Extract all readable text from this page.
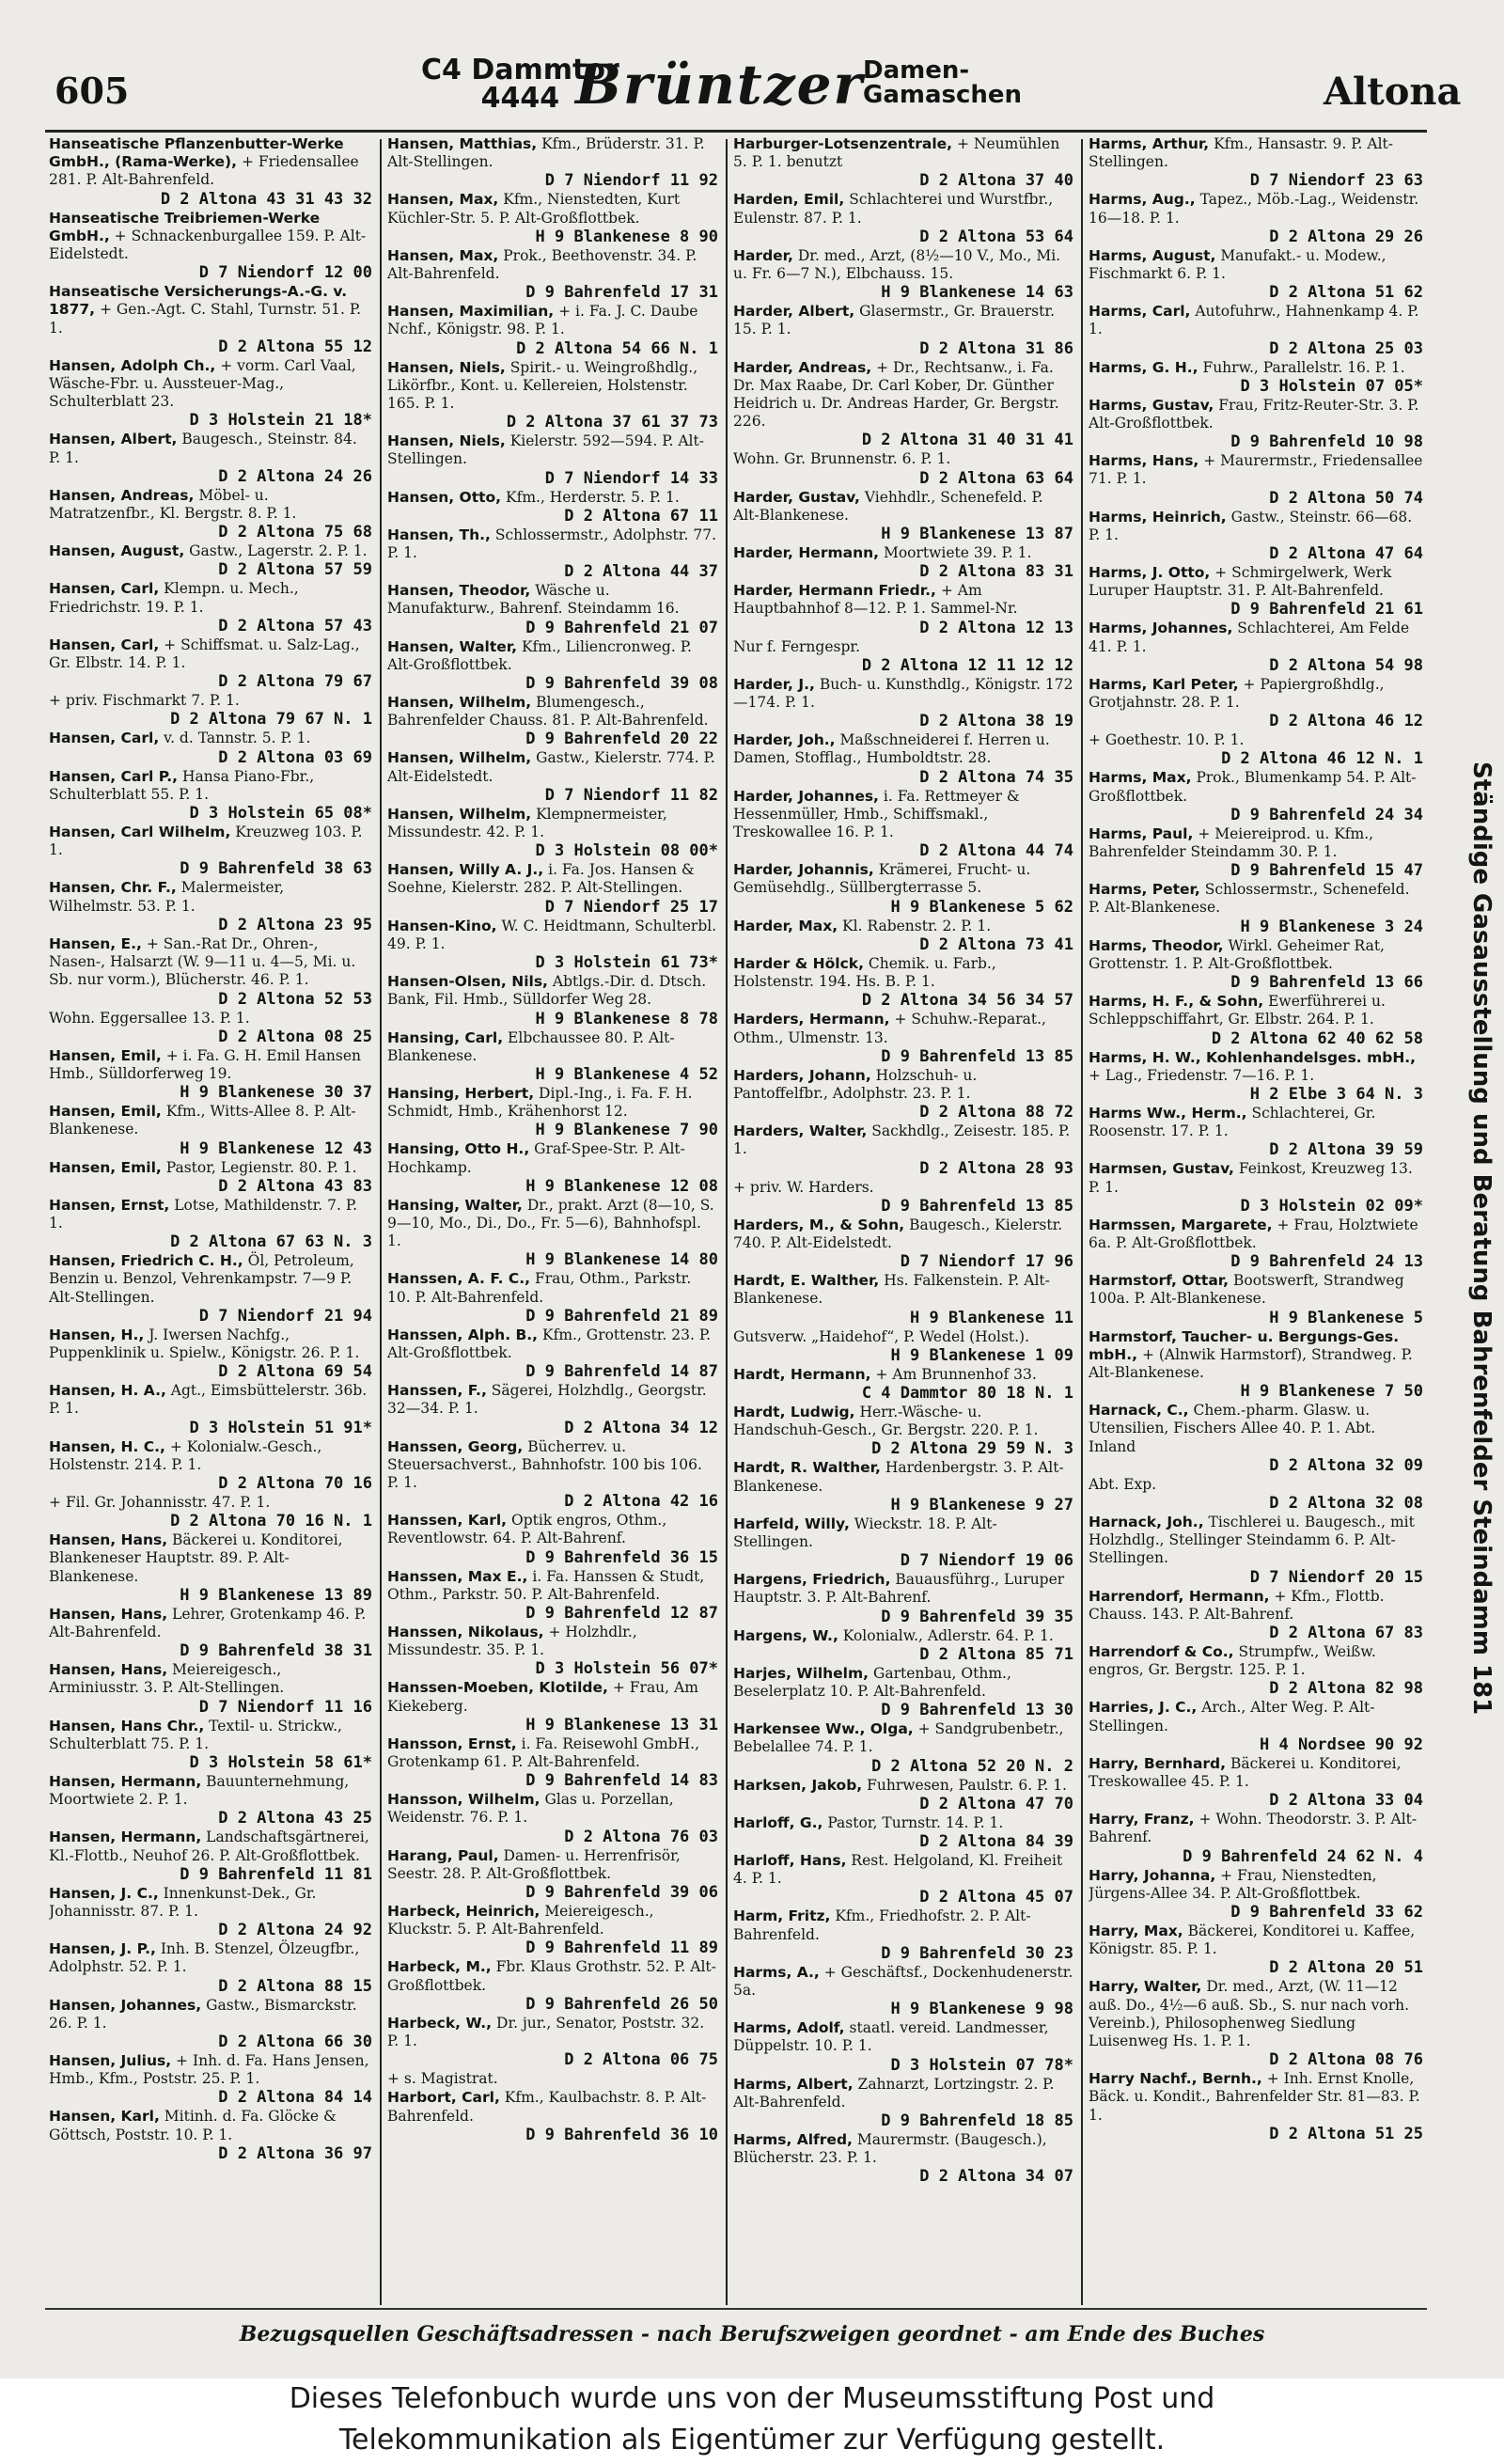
605	C4 Dammtor
4444 Brüntzer
Damen-
Gamaschen	Altona
Hanseatische Pflanzenbutter-Werke GmbH., (Rama-Werke), + Friedensallee 281. P. Alt-Bahrenfeld.
D 2 Altona 43 31 43 32
Hanseatische Treibriemen-Werke GmbH., + Schnackenburgallee 159. P. Alt-Eidelstedt.
D 7 Niendorf 12 00
Hanseatische Versicherungs-A.-G. v. 1877, + Gen.-Agt. C. Stahl, Turnstr. 51. P. 1.
D 2 Altona 55 12
Hansen, Adolph Ch., + vorm. Carl Vaal, Wäsche-Fbr. u. Aussteuer-Mag., Schulterblatt 23.
D 3 Holstein 21 18*
Hansen, Albert, Baugesch., Steinstr. 84. P. 1.
D 2 Altona 24 26
Hansen, Andreas, Möbel- u. Matratzenfbr., Kl. Bergstr. 8. P. 1.
D 2 Altona 75 68
Hansen, August, Gastw., Lagerstr. 2. P. 1.
D 2 Altona 57 59
Hansen, Carl, Klempn. u. Mech., Friedrichstr. 19. P. 1.
D 2 Altona 57 43
Hansen, Carl, + Schiffsmat. u. Salz-Lag., Gr. Elbstr. 14. P. 1.
D 2 Altona 79 67
+ priv. Fischmarkt 7. P. 1.
D 2 Altona 79 67 N. 1
Hansen, Carl, v. d. Tannstr. 5. P. 1.
D 2 Altona 03 69
Hansen, Carl P., Hansa Piano-Fbr., Schulterblatt 55. P. 1.
D 3 Holstein 65 08*
Hansen, Carl Wilhelm, Kreuzweg 103. P. 1.
D 9 Bahrenfeld 38 63
Hansen, Chr. F., Malermeister, Wilhelmstr. 53. P. 1.
D 2 Altona 23 95
Hansen, E., + San.-Rat Dr., Ohren-, Nasen-, Halsarzt (W. 9—11 u. 4—5, Mi. u. Sb. nur vorm.), Blücherstr. 46. P. 1.
D 2 Altona 52 53
Wohn. Eggersallee 13. P. 1.
D 2 Altona 08 25
Hansen, Emil, + i. Fa. G. H. Emil Hansen Hmb., Sülldorferweg 19.
H 9 Blankenese 30 37
Hansen, Emil, Kfm., Witts-Allee 8. P. Alt-Blankenese.
H 9 Blankenese 12 43
Hansen, Emil, Pastor, Legienstr. 80. P. 1.
D 2 Altona 43 83
Hansen, Ernst, Lotse, Mathildenstr. 7. P. 1.
D 2 Altona 67 63 N. 3
Hansen, Friedrich C. H., Öl, Petroleum, Benzin u. Benzol, Vehrenkampstr. 7—9 P. Alt-Stellingen.
D 7 Niendorf 21 94
Hansen, H., J. Iwersen Nachfg., Puppenklinik u. Spielw., Königstr. 26. P. 1.
D 2 Altona 69 54
Hansen, H. A., Agt., Eimsbüttelerstr. 36b. P. 1.
D 3 Holstein 51 91*
Hansen, H. C., + Kolonialw.-Gesch., Holstenstr. 214. P. 1.
D 2 Altona 70 16
+ Fil. Gr. Johannisstr. 47. P. 1.
D 2 Altona 70 16 N. 1
Hansen, Hans, Bäckerei u. Konditorei, Blankeneser Hauptstr. 89. P. Alt-Blankenese.
H 9 Blankenese 13 89
Hansen, Hans, Lehrer, Grotenkamp 46. P. Alt-Bahrenfeld.
D 9 Bahrenfeld 38 31
Hansen, Hans, Meiereigesch., Arminiusstr. 3. P. Alt-Stellingen.
D 7 Niendorf 11 16
Hansen, Hans Chr., Textil- u. Strickw., Schulterblatt 75. P. 1.
D 3 Holstein 58 61*
Hansen, Hermann, Bauunternehmung, Moortwiete 2. P. 1.
D 2 Altona 43 25
Hansen, Hermann, Landschaftsgärtnerei, Kl.-Flottb., Neuhof 26. P. Alt-Großflottbek.
D 9 Bahrenfeld 11 81
Hansen, J. C., Innenkunst-Dek., Gr. Johannisstr. 87. P. 1.
D 2 Altona 24 92
Hansen, J. P., Inh. B. Stenzel, Ölzeugfbr., Adolphstr. 52. P. 1.
D 2 Altona 88 15
Hansen, Johannes, Gastw., Bismarckstr. 26. P. 1.
D 2 Altona 66 30
Hansen, Julius, + Inh. d. Fa. Hans Jensen, Hmb., Kfm., Poststr. 25. P. 1.
D 2 Altona 84 14
Hansen, Karl, Mitinh. d. Fa. Glöcke & Göttsch, Poststr. 10. P. 1.
D 2 Altona 36 97
Hansen, Matthias, Kfm., Brüderstr. 31. P. Alt-Stellingen.
D 7 Niendorf 11 92
Hansen, Max, Kfm., Nienstedten, Kurt Küchler-Str. 5. P. Alt-Großflottbek.
H 9 Blankenese 8 90
Hansen, Max, Prok., Beethovenstr. 34. P. Alt-Bahrenfeld.
D 9 Bahrenfeld 17 31
Hansen, Maximilian, + i. Fa. J. C. Daube Nchf., Königstr. 98. P. 1.
D 2 Altona 54 66 N. 1
Hansen, Niels, Spirit.- u. Weingroßhdlg., Likörfbr., Kont. u. Kellereien, Holstenstr. 165. P. 1.
D 2 Altona 37 61 37 73
Hansen, Niels, Kielerstr. 592—594. P. Alt-Stellingen.
D 7 Niendorf 14 33
Hansen, Otto, Kfm., Herderstr. 5. P. 1.
D 2 Altona 67 11
Hansen, Th., Schlossermstr., Adolphstr. 77. P. 1.
D 2 Altona 44 37
Hansen, Theodor, Wäsche u. Manufakturw., Bahrenf. Steindamm 16.
D 9 Bahrenfeld 21 07
Hansen, Walter, Kfm., Liliencronweg. P. Alt-Großflottbek.
D 9 Bahrenfeld 39 08
Hansen, Wilhelm, Blumengesch., Bahrenfelder Chauss. 81. P. Alt-Bahrenfeld.
D 9 Bahrenfeld 20 22
Hansen, Wilhelm, Gastw., Kielerstr. 774. P. Alt-Eidelstedt.
D 7 Niendorf 11 82
Hansen, Wilhelm, Klempnermeister, Missundestr. 42. P. 1.
D 3 Holstein 08 00*
Hansen, Willy A. J., i. Fa. Jos. Hansen & Soehne, Kielerstr. 282. P. Alt-Stellingen.
D 7 Niendorf 25 17
Hansen-Kino, W. C. Heidtmann, Schulterbl. 49. P. 1.
D 3 Holstein 61 73*
Hansen-Olsen, Nils, Abtlgs.-Dir. d. Dtsch. Bank, Fil. Hmb., Sülldorfer Weg 28.
H 9 Blankenese 8 78
Hansing, Carl, Elbchaussee 80. P. Alt-Blankenese.
H 9 Blankenese 4 52
Hansing, Herbert, Dipl.-Ing., i. Fa. F. H. Schmidt, Hmb., Krähenhorst 12.
H 9 Blankenese 7 90
Hansing, Otto H., Graf-Spee-Str. P. Alt-Hochkamp.
H 9 Blankenese 12 08
Hansing, Walter, Dr., prakt. Arzt (8—10, S. 9—10, Mo., Di., Do., Fr. 5—6), Bahnhofspl. 1.
H 9 Blankenese 14 80
Hanssen, A. F. C., Frau, Othm., Parkstr. 10. P. Alt-Bahrenfeld.
D 9 Bahrenfeld 21 89
Hanssen, Alph. B., Kfm., Grottenstr. 23. P. Alt-Großflottbek.
D 9 Bahrenfeld 14 87
Hanssen, F., Sägerei, Holzhdlg., Georgstr. 32—34. P. 1.
D 2 Altona 34 12
Hanssen, Georg, Bücherrev. u. Steuersachverst., Bahnhofstr. 100 bis 106. P. 1.
D 2 Altona 42 16
Hanssen, Karl, Optik engros, Othm., Reventlowstr. 64. P. Alt-Bahrenf.
D 9 Bahrenfeld 36 15
Hanssen, Max E., i. Fa. Hanssen & Studt, Othm., Parkstr. 50. P. Alt-Bahrenfeld.
D 9 Bahrenfeld 12 87
Hanssen, Nikolaus, + Holzhdlr., Missundestr. 35. P. 1.
D 3 Holstein 56 07*
Hanssen-Moeben, Klotilde, + Frau, Am Kiekeberg.
H 9 Blankenese 13 31
Hansson, Ernst, i. Fa. Reisewohl GmbH., Grotenkamp 61. P. Alt-Bahrenfeld.
D 9 Bahrenfeld 14 83
Hansson, Wilhelm, Glas u. Porzellan, Weidenstr. 76. P. 1.
D 2 Altona 76 03
Harang, Paul, Damen- u. Herrenfrisör, Seestr. 28. P. Alt-Großflottbek.
D 9 Bahrenfeld 39 06
Harbeck, Heinrich, Meiereigesch., Kluckstr. 5. P. Alt-Bahrenfeld.
D 9 Bahrenfeld 11 89
Harbeck, M., Fbr. Klaus Grothstr. 52. P. Alt-Großflottbek.
D 9 Bahrenfeld 26 50
Harbeck, W., Dr. jur., Senator, Poststr. 32. P. 1.
D 2 Altona 06 75
+ s. Magistrat.
Harbort, Carl, Kfm., Kaulbachstr. 8. P. Alt-Bahrenfeld.
D 9 Bahrenfeld 36 10
Harburger-Lotsenzentrale, + Neumühlen 5. P. 1. benutzt
D 2 Altona 37 40
Harden, Emil, Schlachterei und Wurstfbr., Eulenstr. 87. P. 1.
D 2 Altona 53 64
Harder, Dr. med., Arzt, (8½—10 V., Mo., Mi. u. Fr. 6—7 N.), Elbchauss. 15.
H 9 Blankenese 14 63
Harder, Albert, Glasermstr., Gr. Brauerstr. 15. P. 1.
D 2 Altona 31 86
Harder, Andreas, + Dr., Rechtsanw., i. Fa. Dr. Max Raabe, Dr. Carl Kober, Dr. Günther Heidrich u. Dr. Andreas Harder, Gr. Bergstr. 226.
D 2 Altona 31 40 31 41
Wohn. Gr. Brunnenstr. 6. P. 1.
D 2 Altona 63 64
Harder, Gustav, Viehhdlr., Schenefeld. P. Alt-Blankenese.
H 9 Blankenese 13 87
Harder, Hermann, Moortwiete 39. P. 1.
D 2 Altona 83 31
Harder, Hermann Friedr., + Am Hauptbahnhof 8—12. P. 1. Sammel-Nr.
D 2 Altona 12 13
Nur f. Ferngespr.
D 2 Altona 12 11 12 12
Harder, J., Buch- u. Kunsthdlg., Königstr. 172—174. P. 1.
D 2 Altona 38 19
Harder, Joh., Maßschneiderei f. Herren u. Damen, Stofflag., Humboldtstr. 28.
D 2 Altona 74 35
Harder, Johannes, i. Fa. Rettmeyer & Hessenmüller, Hmb., Schiffsmakl., Treskowallee 16. P. 1.
D 2 Altona 44 74
Harder, Johannis, Krämerei, Frucht- u. Gemüsehdlg., Süllbergterrasse 5.
H 9 Blankenese 5 62
Harder, Max, Kl. Rabenstr. 2. P. 1.
D 2 Altona 73 41
Harder & Hölck, Chemik. u. Farb., Holstenstr. 194. Hs. B. P. 1.
D 2 Altona 34 56 34 57
Harders, Hermann, + Schuhw.-Reparat., Othm., Ulmenstr. 13.
D 9 Bahrenfeld 13 85
Harders, Johann, Holzschuh- u. Pantoffelfbr., Adolphstr. 23. P. 1.
D 2 Altona 88 72
Harders, Walter, Sackhdlg., Zeisestr. 185. P. 1.
D 2 Altona 28 93
+ priv. W. Harders.
D 9 Bahrenfeld 13 85
Harders, M., & Sohn, Baugesch., Kielerstr. 740. P. Alt-Eidelstedt.
D 7 Niendorf 17 96
Hardt, E. Walther, Hs. Falkenstein. P. Alt-Blankenese.
H 9 Blankenese 11
Gutsverw. „Haidehof“, P. Wedel (Holst.).
H 9 Blankenese 1 09
Hardt, Hermann, + Am Brunnenhof 33.
C 4 Dammtor 80 18 N. 1
Hardt, Ludwig, Herr.-Wäsche- u. Handschuh-Gesch., Gr. Bergstr. 220. P. 1.
D 2 Altona 29 59 N. 3
Hardt, R. Walther, Hardenbergstr. 3. P. Alt-Blankenese.
H 9 Blankenese 9 27
Harfeld, Willy, Wieckstr. 18. P. Alt-Stellingen.
D 7 Niendorf 19 06
Hargens, Friedrich, Bauausführg., Luruper Hauptstr. 3. P. Alt-Bahrenf.
D 9 Bahrenfeld 39 35
Hargens, W., Kolonialw., Adlerstr. 64. P. 1.
D 2 Altona 85 71
Harjes, Wilhelm, Gartenbau, Othm., Beselerplatz 10. P. Alt-Bahrenfeld.
D 9 Bahrenfeld 13 30
Harkensee Ww., Olga, + Sandgrubenbetr., Bebelallee 74. P. 1.
D 2 Altona 52 20 N. 2
Harksen, Jakob, Fuhrwesen, Paulstr. 6. P. 1.
D 2 Altona 47 70
Harloff, G., Pastor, Turnstr. 14. P. 1.
D 2 Altona 84 39
Harloff, Hans, Rest. Helgoland, Kl. Freiheit 4. P. 1.
D 2 Altona 45 07
Harm, Fritz, Kfm., Friedhofstr. 2. P. Alt-Bahrenfeld.
D 9 Bahrenfeld 30 23
Harms, A., + Geschäftsf., Dockenhudenerstr. 5a.
H 9 Blankenese 9 98
Harms, Adolf, staatl. vereid. Landmesser, Düppelstr. 10. P. 1.
D 3 Holstein 07 78*
Harms, Albert, Zahnarzt, Lortzingstr. 2. P. Alt-Bahrenfeld.
D 9 Bahrenfeld 18 85
Harms, Alfred, Maurermstr. (Baugesch.), Blücherstr. 23. P. 1.
D 2 Altona 34 07
Harms, Arthur, Kfm., Hansastr. 9. P. Alt-Stellingen.
D 7 Niendorf 23 63
Harms, Aug., Tapez., Möb.-Lag., Weidenstr. 16—18. P. 1.
D 2 Altona 29 26
Harms, August, Manufakt.- u. Modew., Fischmarkt 6. P. 1.
D 2 Altona 51 62
Harms, Carl, Autofuhrw., Hahnenkamp 4. P. 1.
D 2 Altona 25 03
Harms, G. H., Fuhrw., Parallelstr. 16. P. 1.
D 3 Holstein 07 05*
Harms, Gustav, Frau, Fritz-Reuter-Str. 3. P. Alt-Großflottbek.
D 9 Bahrenfeld 10 98
Harms, Hans, + Maurermstr., Friedensallee 71. P. 1.
D 2 Altona 50 74
Harms, Heinrich, Gastw., Steinstr. 66—68. P. 1.
D 2 Altona 47 64
Harms, J. Otto, + Schmirgelwerk, Werk Luruper Hauptstr. 31. P. Alt-Bahrenfeld.
D 9 Bahrenfeld 21 61
Harms, Johannes, Schlachterei, Am Felde 41. P. 1.
D 2 Altona 54 98
Harms, Karl Peter, + Papiergroßhdlg., Grotjahnstr. 28. P. 1.
D 2 Altona 46 12
+ Goethestr. 10. P. 1.
D 2 Altona 46 12 N. 1
Harms, Max, Prok., Blumenkamp 54. P. Alt-Großflottbek.
D 9 Bahrenfeld 24 34
Harms, Paul, + Meiereiprod. u. Kfm., Bahrenfelder Steindamm 30. P. 1.
D 9 Bahrenfeld 15 47
Harms, Peter, Schlossermstr., Schenefeld. P. Alt-Blankenese.
H 9 Blankenese 3 24
Harms, Theodor, Wirkl. Geheimer Rat, Grottenstr. 1. P. Alt-Großflottbek.
D 9 Bahrenfeld 13 66
Harms, H. F., & Sohn, Ewerführerei u. Schleppschiffahrt, Gr. Elbstr. 264. P. 1.
D 2 Altona 62 40 62 58
Harms, H. W., Kohlenhandelsges. mbH., + Lag., Friedenstr. 7—16. P. 1.
H 2 Elbe 3 64 N. 3
Harms Ww., Herm., Schlachterei, Gr. Roosenstr. 17. P. 1.
D 2 Altona 39 59
Harmsen, Gustav, Feinkost, Kreuzweg 13. P. 1.
D 3 Holstein 02 09*
Harmssen, Margarete, + Frau, Holztwiete 6a. P. Alt-Großflottbek.
D 9 Bahrenfeld 24 13
Harmstorf, Ottar, Bootswerft, Strandweg 100a. P. Alt-Blankenese.
H 9 Blankenese 5
Harmstorf, Taucher- u. Bergungs-Ges. mbH., + (Alnwik Harmstorf), Strandweg. P. Alt-Blankenese.
H 9 Blankenese 7 50
Harnack, C., Chem.-pharm. Glasw. u. Utensilien, Fischers Allee 40. P. 1. Abt. Inland
D 2 Altona 32 09
Abt. Exp.
D 2 Altona 32 08
Harnack, Joh., Tischlerei u. Baugesch., mit Holzhdlg., Stellinger Steindamm 6. P. Alt-Stellingen.
D 7 Niendorf 20 15
Harrendorf, Hermann, + Kfm., Flottb. Chauss. 143. P. Alt-Bahrenf.
D 2 Altona 67 83
Harrendorf & Co., Strumpfw., Weißw. engros, Gr. Bergstr. 125. P. 1.
D 2 Altona 82 98
Harries, J. C., Arch., Alter Weg. P. Alt-Stellingen.
H 4 Nordsee 90 92
Harry, Bernhard, Bäckerei u. Konditorei, Treskowallee 45. P. 1.
D 2 Altona 33 04
Harry, Franz, + Wohn. Theodorstr. 3. P. Alt-Bahrenf.
D 9 Bahrenfeld 24 62 N. 4
Harry, Johanna, + Frau, Nienstedten, Jürgens-Allee 34. P. Alt-Großflottbek.
D 9 Bahrenfeld 33 62
Harry, Max, Bäckerei, Konditorei u. Kaffee, Königstr. 85. P. 1.
D 2 Altona 20 51
Harry, Walter, Dr. med., Arzt, (W. 11—12 auß. Do., 4½—6 auß. Sb., S. nur nach vorh. Vereinb.), Philosophenweg Siedlung Luisenweg Hs. 1. P. 1.
D 2 Altona 08 76
Harry Nachf., Bernh., + Inh. Ernst Knolle, Bäck. u. Kondit., Bahrenfelder Str. 81—83. P. 1.
D 2 Altona 51 25
Ständige Gasausstellung und Beratung Bahrenfelder Steindamm 181
Bezugsquellen Geschäftsadressen - nach Berufszweigen geordnet - am Ende des Buches
Dieses Telefonbuch wurde uns von der Museumsstiftung Post und
Telekommunikation als Eigentümer zur Verfügung gestellt.
